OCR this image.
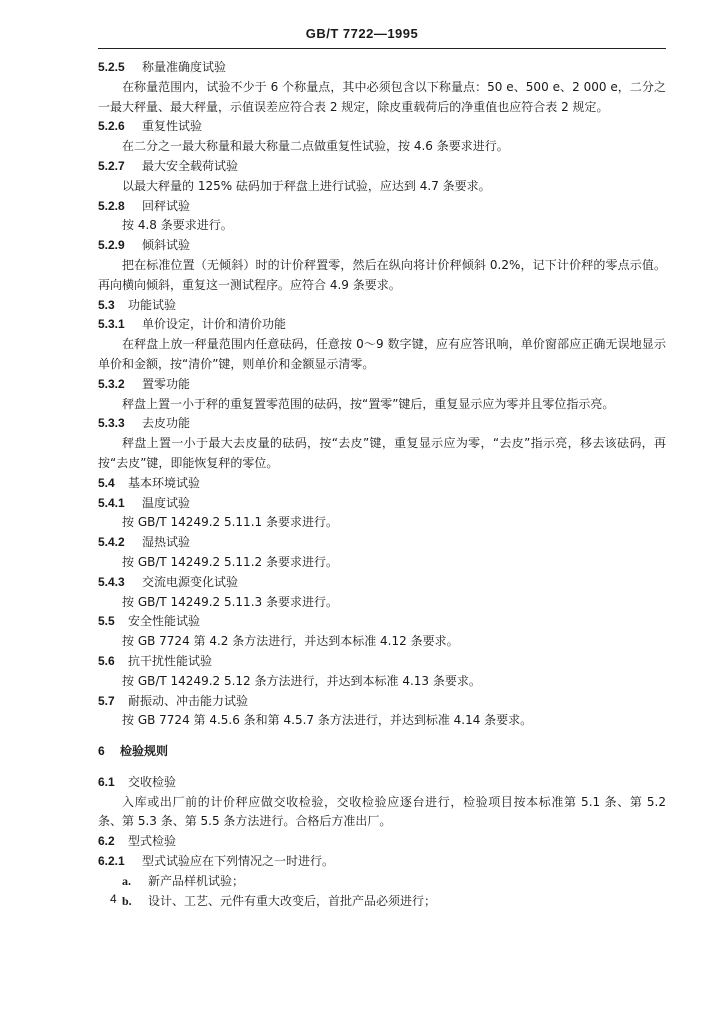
GB/T 7722—1995
5.2.5 称量准确度试验
在称量范围内，试验不少于 6 个称量点，其中必须包含以下称量点：50 e、500 e、2 000 e，二分之一最大秤量、最大秤量，示值误差应符合表 2 规定，除皮重载荷后的净重值也应符合表 2 规定。
5.2.6 重复性试验
在二分之一最大称量和最大称量二点做重复性试验，按 4.6 条要求进行。
5.2.7 最大安全载荷试验
以最大秤量的 125% 砝码加于秤盘上进行试验，应达到 4.7 条要求。
5.2.8 回秤试验
按 4.8 条要求进行。
5.2.9 倾斜试验
把在标准位置（无倾斜）时的计价秤置零，然后在纵向将计价秤倾斜 0.2%，记下计价秤的零点示值。再向横向倾斜，重复这一测试程序。应符合 4.9 条要求。
5.3 功能试验
5.3.1 单价设定，计价和清价功能
在秤盘上放一秤量范围内任意砝码，任意按 0～9 数字键，应有应答讯响，单价窗部应正确无误地显示单价和金额，按“清价”键，则单价和金额显示清零。
5.3.2 置零功能
秤盘上置一小于秤的重复置零范围的砝码，按“置零”键后，重复显示应为零并且零位指示亮。
5.3.3 去皮功能
秤盘上置一小于最大去皮量的砝码，按“去皮”键，重复显示应为零，“去皮”指示亮，移去该砝码，再按“去皮”键，即能恢复秤的零位。
5.4 基本环境试验
5.4.1 温度试验
按 GB/T 14249.2 5.11.1 条要求进行。
5.4.2 湿热试验
按 GB/T 14249.2 5.11.2 条要求进行。
5.4.3 交流电源变化试验
按 GB/T 14249.2 5.11.3 条要求进行。
5.5 安全性能试验
按 GB 7724 第 4.2 条方法进行，并达到本标准 4.12 条要求。
5.6 抗干扰性能试验
按 GB/T 14249.2 5.12 条方法进行，并达到本标准 4.13 条要求。
5.7 耐振动、冲击能力试验
按 GB 7724 第 4.5.6 条和第 4.5.7 条方法进行，并达到标准 4.14 条要求。
6 检验规则
6.1 交收检验
入库或出厂前的计价秤应做交收检验，交收检验应逐台进行，检验项目按本标准第 5.1 条、第 5.2 条、第 5.3 条、第 5.5 条方法进行。合格后方准出厂。
6.2 型式检验
6.2.1 型式试验应在下列情况之一时进行。
a. 新产品样机试验；
b. 设计、工艺、元件有重大改变后，首批产品必须进行；
4
